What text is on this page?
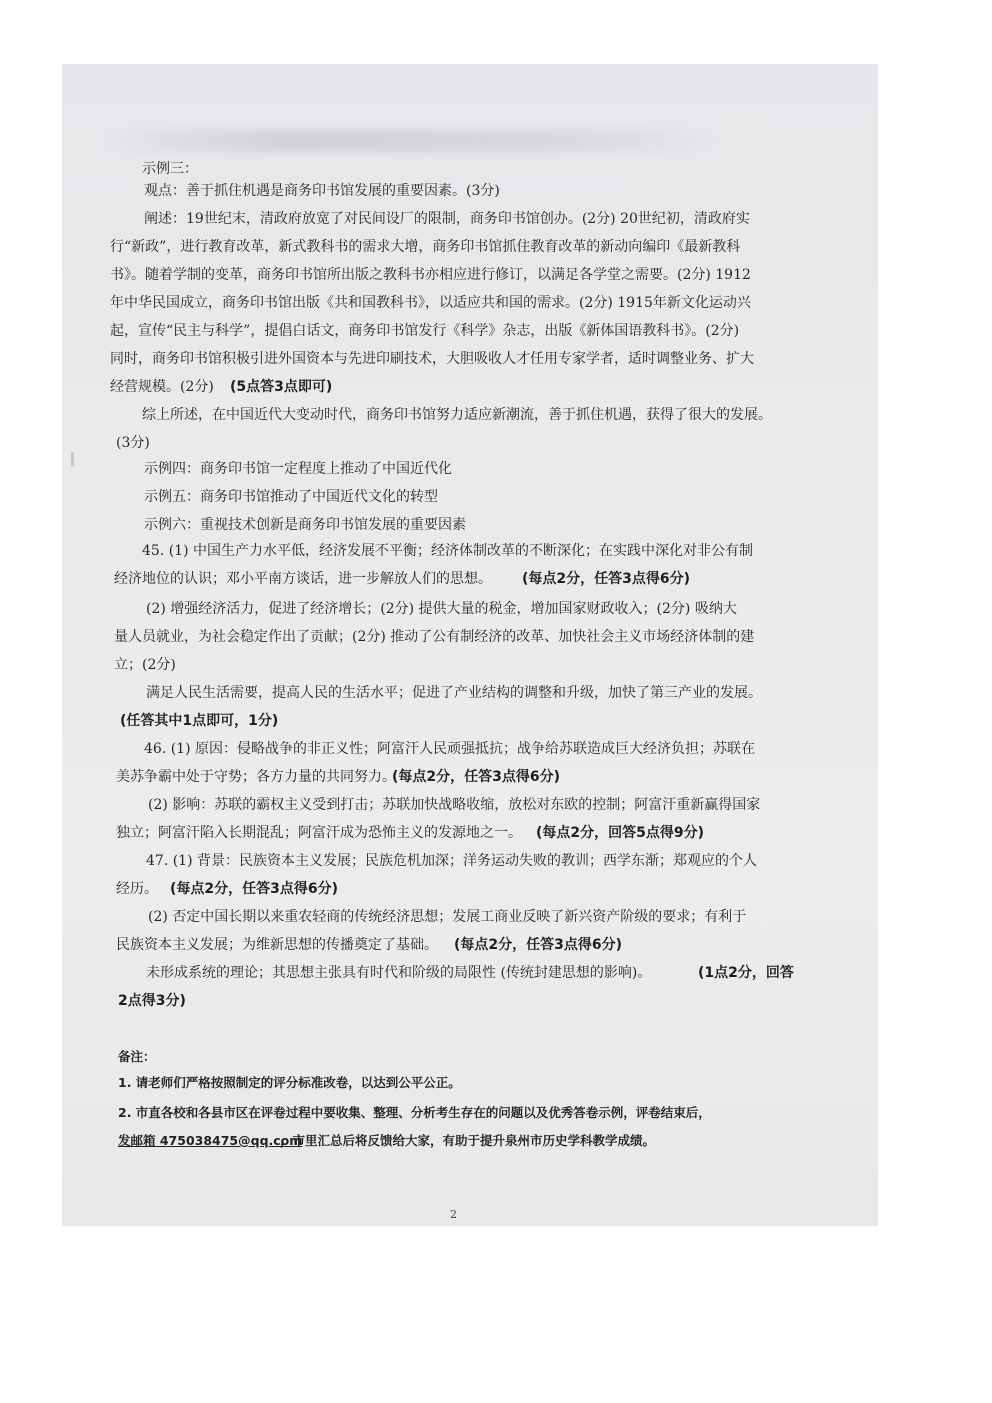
示例三：
观点：善于抓住机遇是商务印书馆发展的重要因素。(3分)
阐述：19世纪末，清政府放宽了对民间设厂的限制，商务印书馆创办。(2分) 20世纪初，清政府实
行“新政”，进行教育改革，新式教科书的需求大增，商务印书馆抓住教育改革的新动向编印《最新教科
书》。随着学制的变革，商务印书馆所出版之教科书亦相应进行修订，以满足各学堂之需要。(2分) 1912
年中华民国成立，商务印书馆出版《共和国教科书》，以适应共和国的需求。(2分) 1915年新文化运动兴
起，宣传“民主与科学”，提倡白话文，商务印书馆发行《科学》杂志，出版《新体国语教科书》。(2分)
同时，商务印书馆积极引进外国资本与先进印刷技术，大胆吸收人才任用专家学者，适时调整业务、扩大
经营规模。(2分) (5点答3点即可)
综上所述，在中国近代大变动时代，商务印书馆努力适应新潮流，善于抓住机遇，获得了很大的发展。
(3分)
示例四：商务印书馆一定程度上推动了中国近代化
示例五：商务印书馆推动了中国近代文化的转型
示例六：重视技术创新是商务印书馆发展的重要因素
45. (1) 中国生产力水平低，经济发展不平衡；经济体制改革的不断深化；在实践中深化对非公有制
经济地位的认识；邓小平南方谈话，进一步解放人们的思想。 (每点2分，任答3点得6分)
(2) 增强经济活力，促进了经济增长；(2分) 提供大量的税金，增加国家财政收入；(2分) 吸纳大
量人员就业，为社会稳定作出了贡献；(2分) 推动了公有制经济的改革、加快社会主义市场经济体制的建
立；(2分)
满足人民生活需要，提高人民的生活水平；促进了产业结构的调整和升级，加快了第三产业的发展。
(任答其中1点即可，1分)
46. (1) 原因：侵略战争的非正义性；阿富汗人民顽强抵抗；战争给苏联造成巨大经济负担；苏联在
美苏争霸中处于守势；各方力量的共同努力。
(每点2分，任答3点得6分)
(2) 影响：苏联的霸权主义受到打击；苏联加快战略收缩，放松对东欧的控制；阿富汗重新赢得国家
独立；阿富汗陷入长期混乱；阿富汗成为恐怖主义的发源地之一。 (每点2分，回答5点得9分)
47. (1) 背景：民族资本主义发展；民族危机加深；洋务运动失败的教训；西学东渐；郑观应的个人
经历。 (每点2分，任答3点得6分)
(2) 否定中国长期以来重农轻商的传统经济思想；发展工商业反映了新兴资产阶级的要求；有利于
民族资本主义发展；为维新思想的传播奠定了基础。 (每点2分，任答3点得6分)
未形成系统的理论；其思想主张具有时代和阶级的局限性 (传统封建思想的影响)。	(1点2分，回答
2点得3分)
备注：
1. 请老师们严格按照制定的评分标准改卷，以达到公平公正。
2. 市直各校和各县市区在评卷过程中要收集、整理、分析考生存在的问题以及优秀答卷示例，评卷结束后，
发邮箱 475038475@qq.com
，市里汇总后将反馈给大家，有助于提升泉州市历史学科教学成绩。
2
